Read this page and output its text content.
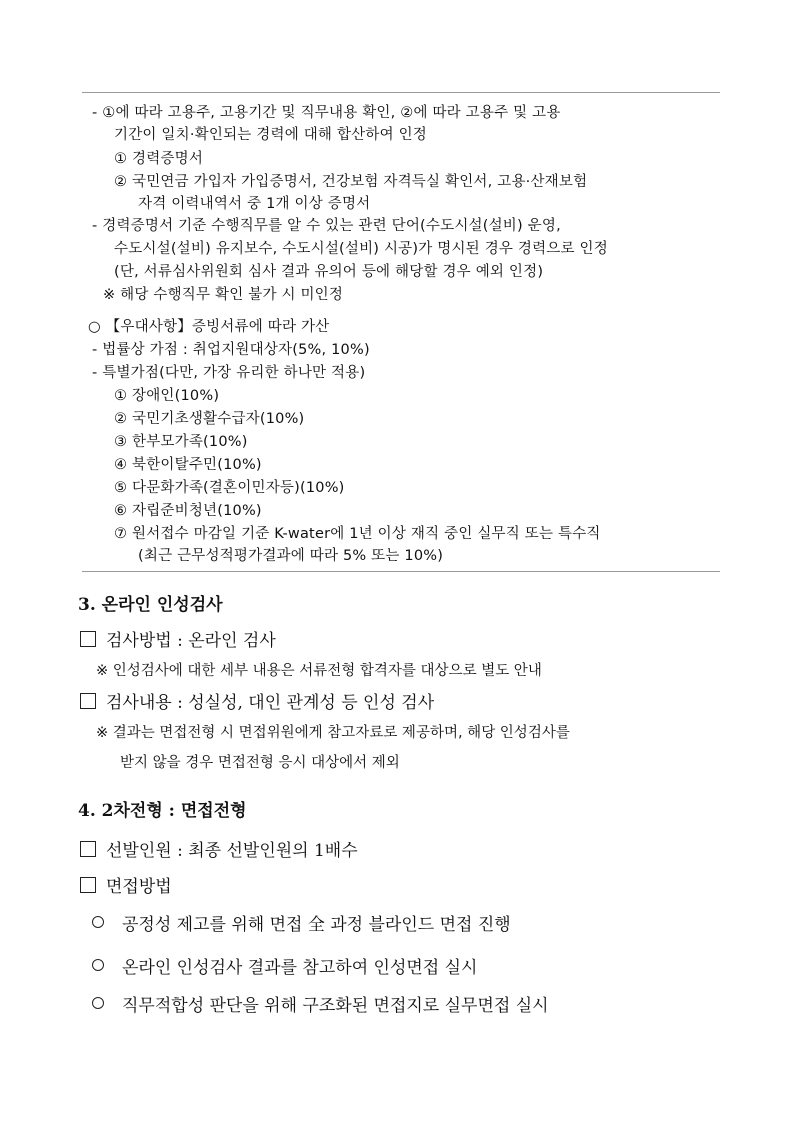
- ①에 따라 고용주, 고용기간 및 직무내용 확인, ②에 따라 고용주 및 고용
기간이 일치·확인되는 경력에 대해 합산하여 인정
① 경력증명서
② 국민연금 가입자 가입증명서, 건강보험 자격득실 확인서, 고용·산재보험
자격 이력내역서 중 1개 이상 증명서
- 경력증명서 기준 수행직무를 알 수 있는 관련 단어(수도시설(설비) 운영,
수도시설(설비) 유지보수, 수도시설(설비) 시공)가 명시된 경우 경력으로 인정
(단, 서류심사위원회 심사 결과 유의어 등에 해당할 경우 예외 인정)
※ 해당 수행직무 확인 불가 시 미인정
○ 【우대사항】증빙서류에 따라 가산
- 법률상 가점 : 취업지원대상자(5%, 10%)
- 특별가점(다만, 가장 유리한 하나만 적용)
① 장애인(10%)
② 국민기초생활수급자(10%)
③ 한부모가족(10%)
④ 북한이탈주민(10%)
⑤ 다문화가족(결혼이민자등)(10%)
⑥ 자립준비청년(10%)
⑦ 원서접수 마감일 기준 K-water에 1년 이상 재직 중인 실무직 또는 특수직
(최근 근무성적평가결과에 따라 5% 또는 10%)
3. 온라인 인성검사
검사방법 : 온라인 검사
※ 인성검사에 대한 세부 내용은 서류전형 합격자를 대상으로 별도 안내
검사내용 : 성실성, 대인 관계성 등 인성 검사
※ 결과는 면접전형 시 면접위원에게 참고자료로 제공하며, 해당 인성검사를
받지 않을 경우 면접전형 응시 대상에서 제외
4. 2차전형 : 면접전형
선발인원 : 최종 선발인원의 1배수
면접방법
공정성 제고를 위해 면접 全 과정 블라인드 면접 진행
온라인 인성검사 결과를 참고하여 인성면접 실시
직무적합성 판단을 위해 구조화된 면접지로 실무면접 실시
